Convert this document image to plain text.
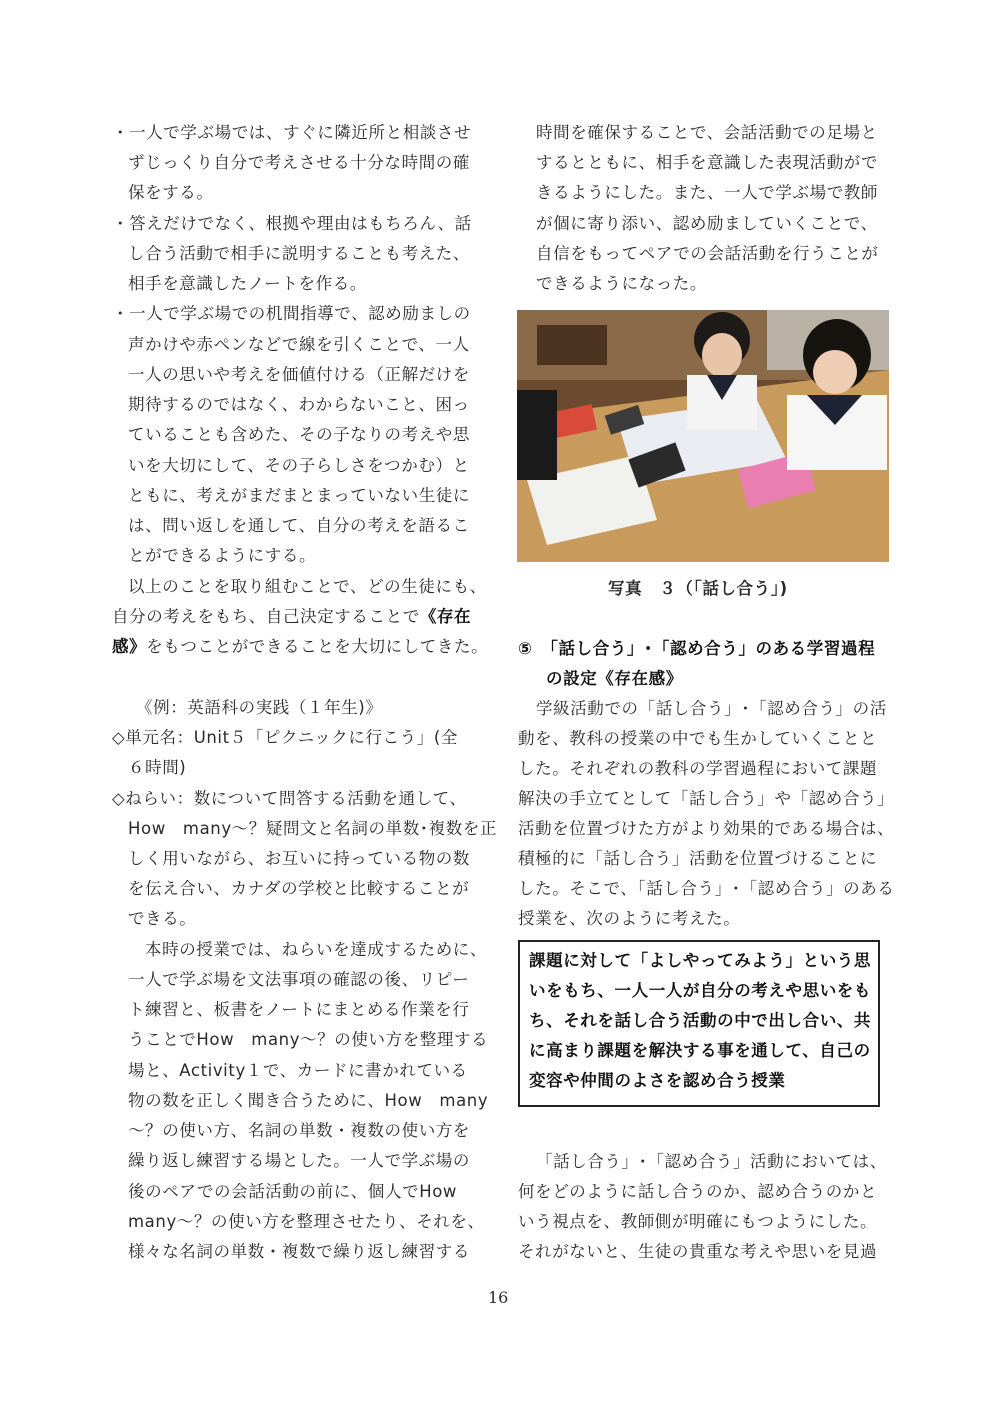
・一人で学ぶ場では、すぐに隣近所と相談させ
ずじっくり自分で考えさせる十分な時間の確
保をする。
・答えだけでなく、根拠や理由はもちろん、話
し合う活動で相手に説明することも考えた、
相手を意識したノートを作る。
・一人で学ぶ場での机間指導で、認め励ましの
声かけや赤ペンなどで線を引くことで、一人
一人の思いや考えを価値付ける（正解だけを
期待するのではなく、わからないこと、困っ
ていることも含めた、その子なりの考えや思
いを大切にして、その子らしさをつかむ）と
ともに、考えがまだまとまっていない生徒に
は、問い返しを通して、自分の考えを語るこ
とができるようにする。
以上のことを取り組むことで、どの生徒にも、
自分の考えをもち、自己決定することで《存在
感》をもつことができることを大切にしてきた。
《例：英語科の実践（１年生)》
◇単元名：Unit５「ピクニックに行こう」(全
６時間)
◇ねらい：数について問答する活動を通して、
How　many～？疑問文と名詞の単数･複数を正
しく用いながら、お互いに持っている物の数
を伝え合い、カナダの学校と比較することが
できる。
本時の授業では、ねらいを達成するために、
一人で学ぶ場を文法事項の確認の後、リピー
ト練習と、板書をノートにまとめる作業を行
うことでHow　many～？の使い方を整理する
場と、Activity１で、カードに書かれている
物の数を正しく聞き合うために、How　many
～？の使い方、名詞の単数・複数の使い方を
繰り返し練習する場とした。一人で学ぶ場の
後のペアでの会話活動の前に、個人でHow
many～？の使い方を整理させたり、それを、
様々な名詞の単数・複数で繰り返し練習する
時間を確保することで、会話活動での足場と
するとともに、相手を意識した表現活動がで
きるようにした。また、一人で学ぶ場で教師
が個に寄り添い、認め励ましていくことで、
自信をもってペアでの会話活動を行うことが
できるようになった。
写真　３（｢話し合う｣)
⑤　「話し合う」･「認め合う」のある学習過程
の設定《存在感》
学級活動での「話し合う」･「認め合う」の活
動を、教科の授業の中でも生かしていくことと
した。それぞれの教科の学習過程において課題
解決の手立てとして「話し合う」や「認め合う」
活動を位置づけた方がより効果的である場合は、
積極的に「話し合う」活動を位置づけることに
した。そこで、「話し合う」･「認め合う」のある
授業を、次のように考えた。
課題に対して「よしやってみよう」という思
いをもち、一人一人が自分の考えや思いをも
ち、それを話し合う活動の中で出し合い、共
に高まり課題を解決する事を通して、自己の
変容や仲間のよさを認め合う授業
「話し合う」･「認め合う」活動においては、
何をどのように話し合うのか、認め合うのかと
いう視点を、教師側が明確にもつようにした。
それがないと、生徒の貴重な考えや思いを見過
16
